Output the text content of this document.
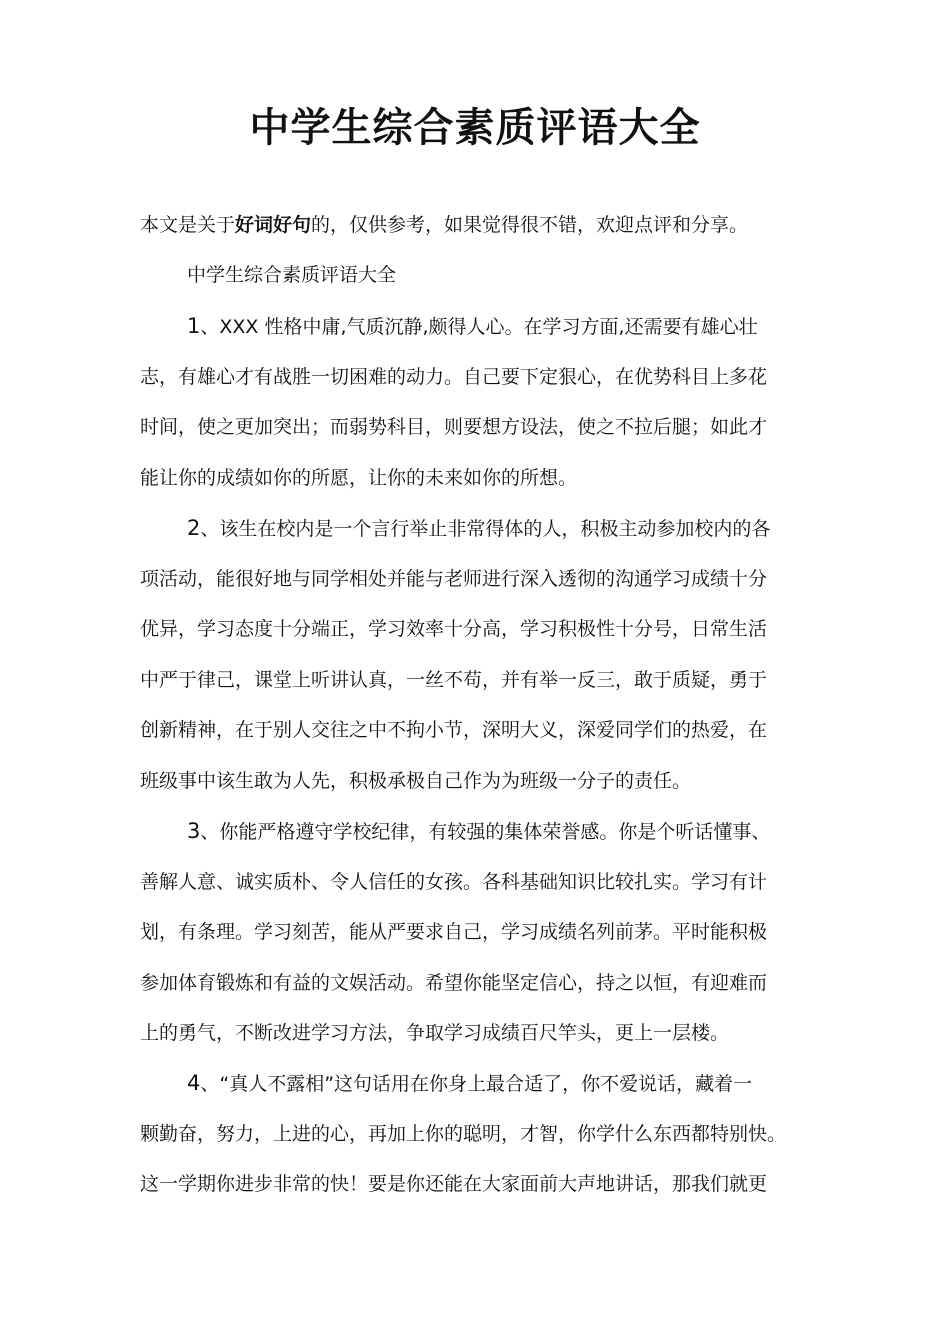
中学生综合素质评语大全

本文是关于好词好句的，仅供参考，如果觉得很不错，欢迎点评和分享。

中学生综合素质评语大全

1、XXX 性格中庸,气质沉静,颇得人心。在学习方面,还需要有雄心壮
志，有雄心才有战胜一切困难的动力。自己要下定狠心，在优势科目上多花
时间，使之更加突出；而弱势科目，则要想方设法，使之不拉后腿；如此才
能让你的成绩如你的所愿，让你的未来如你的所想。
2、该生在校内是一个言行举止非常得体的人，积极主动参加校内的各
项活动，能很好地与同学相处并能与老师进行深入透彻的沟通学习成绩十分
优异，学习态度十分端正，学习效率十分高，学习积极性十分号，日常生活
中严于律己，课堂上听讲认真，一丝不苟，并有举一反三，敢于质疑，勇于
创新精神，在于别人交往之中不拘小节，深明大义，深爱同学们的热爱，在
班级事中该生敢为人先，积极承极自己作为为班级一分子的责任。
3、你能严格遵守学校纪律，有较强的集体荣誉感。你是个听话懂事、
善解人意、诚实质朴、令人信任的女孩。各科基础知识比较扎实。学习有计
划，有条理。学习刻苦，能从严要求自己，学习成绩名列前茅。平时能积极
参加体育锻炼和有益的文娱活动。希望你能坚定信心，持之以恒，有迎难而
上的勇气，不断改进学习方法，争取学习成绩百尺竿头，更上一层楼。
4、“真人不露相”这句话用在你身上最合适了，你不爱说话，藏着一
颗勤奋，努力，上进的心，再加上你的聪明，才智，你学什么东西都特别快。
这一学期你进步非常的快！要是你还能在大家面前大声地讲话，那我们就更
